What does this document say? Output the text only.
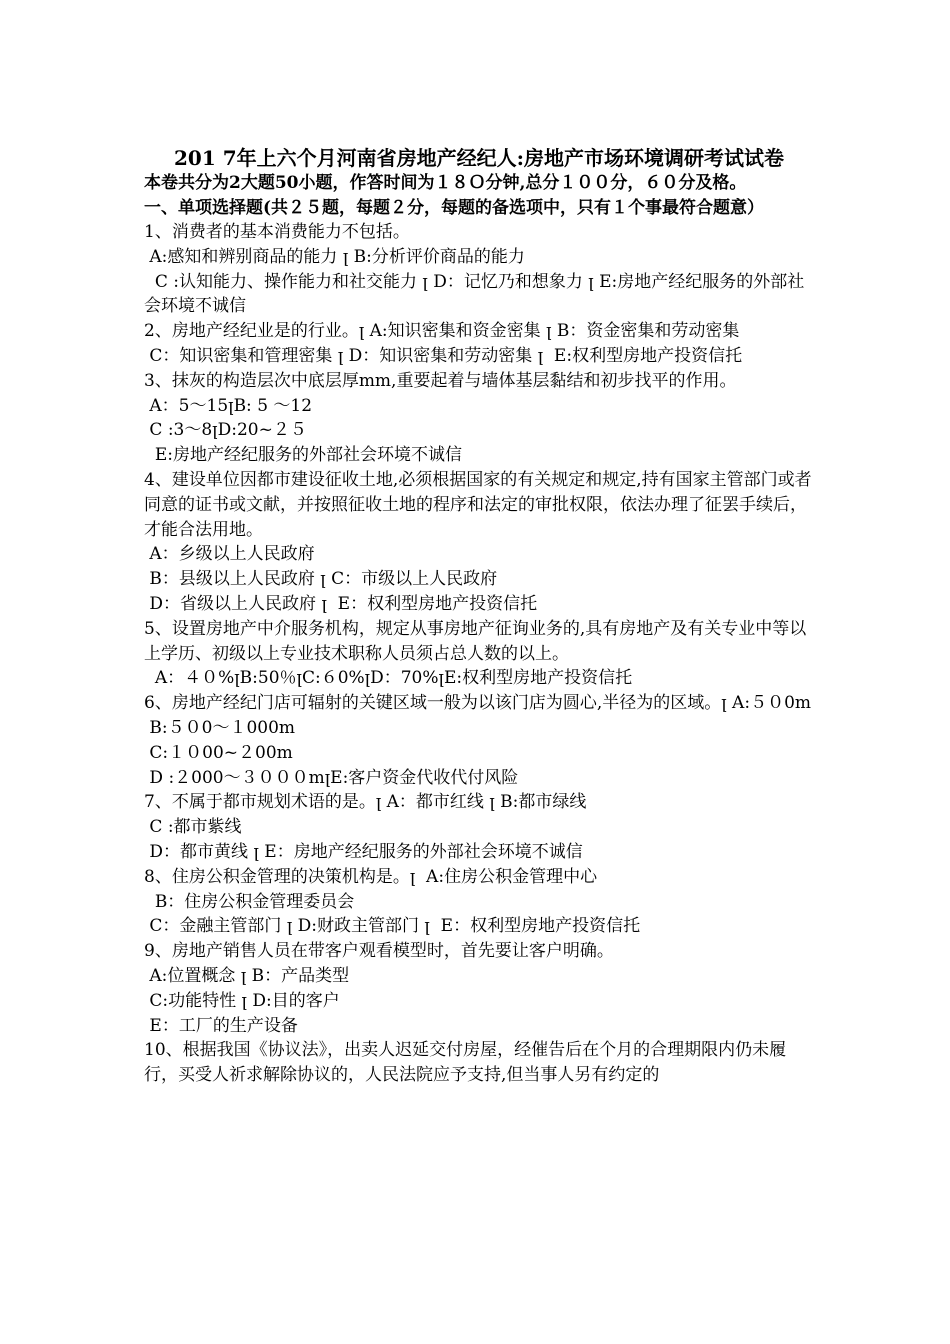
201 7年上六个月河南省房地产经纪人:房地产市场环境调研考试试卷

本卷共分为2大题50小题，作答时间为１８Ｏ分钟,总分１００分，６０分及格。

一、单项选择题(共２５题，每题２分，每题的备选项中，只有１个事最符合题意）

1、消费者的基本消费能力不包括。

A:感知和辨别商品的能力 ꞁ B:分析评价商品的能力

C :认知能力、操作能力和社交能力 ꞁ D：记忆乃和想象力 ꞁ E:房地产经纪服务的外部社会环境不诚信

2、房地产经纪业是的行业。ꞁ A:知识密集和资金密集 ꞁ B：资金密集和劳动密集

C：知识密集和管理密集 ꞁ D：知识密集和劳动密集 ꞁ  E:权利型房地产投资信托

3、抹灰的构造层次中底层厚mm,重要起着与墙体基层黏结和初步找平的作用。

A：5～15ꞁB: 5 ～12

C :3～8ꞁD:20~２５

E:房地产经纪服务的外部社会环境不诚信

4、建设单位因都市建设征收土地,必须根据国家的有关规定和规定,持有国家主管部门或者同意的证书或文献，并按照征收土地的程序和法定的审批权限，依法办理了征罢手续后，才能合法用地。

A：乡级以上人民政府

B：县级以上人民政府 ꞁ C：市级以上人民政府

D：省级以上人民政府 ꞁ  E：权利型房地产投资信托

5、设置房地产中介服务机构，规定从事房地产征询业务的,具有房地产及有关专业中等以上学历、初级以上专业技术职称人员须占总人数的以上。

A：４０%ꞁB:50％ꞁC:６0%ꞁD：70%ꞁE:权利型房地产投资信托

6、房地产经纪门店可辐射的关键区域一般为以该门店为圆心,半径为的区域。ꞁ A:５０0m

B:５０0～１000m

C:１０00~２00m

D :２000～３０００mꞁE:客户资金代收代付风险

7、不属于都市规划术语的是。ꞁ A：都市红线 ꞁ B:都市绿线

C :都市紫线

D：都市黄线 ꞁ E：房地产经纪服务的外部社会环境不诚信

8、住房公积金管理的决策机构是。ꞁ  A:住房公积金管理中心

B：住房公积金管理委员会

C：金融主管部门 ꞁ D:财政主管部门 ꞁ  E：权利型房地产投资信托

9、房地产销售人员在带客户观看模型时，首先要让客户明确。

A:位置概念 ꞁ B：产品类型

C:功能特性 ꞁ D:目的客户

E：工厂的生产设备

10、根据我国《协议法》，出卖人迟延交付房屋，经催告后在个月的合理期限内仍未履行，买受人祈求解除协议的，人民法院应予支持,但当事人另有约定的
